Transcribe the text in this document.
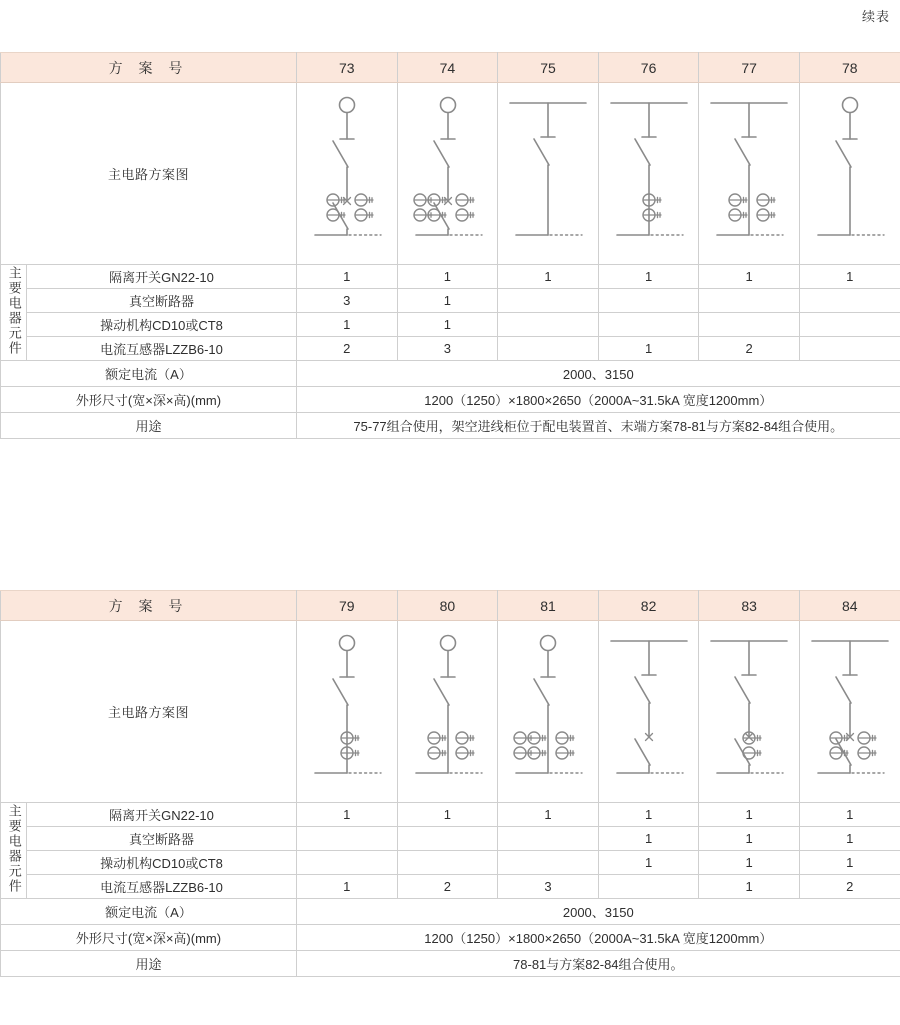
续表
方 案 号		73	74	75	76	77	78
主电路方案图	

主要电器元件	隔离开关GN22-10	1	1	1	1	1	1
	真空断路器	3	1				
	操动机构CD10或CT8	1	1				
	电流互感器LZZB6-10	2	3		1	2	
额定电流（A）		2000、3150					
外形尺寸(宽×深×高)(mm)		1200（1250）×1800×2650（2000A~31.5kA 宽度1200mm）					
用途		75-77组合使用，架空进线柜位于配电装置首、末端方案78-81与方案82-84组合使用。					
方 案 号		79	80	81	82	83	84
主电路方案图	

主要电器元件	隔离开关GN22-10	1	1	1	1	1	1
	真空断路器				1	1	1
	操动机构CD10或CT8				1	1	1
	电流互感器LZZB6-10	1	2	3		1	2
额定电流（A）		2000、3150					
外形尺寸(宽×深×高)(mm)		1200（1250）×1800×2650（2000A~31.5kA 宽度1200mm）					
用途		78-81与方案82-84组合使用。					
